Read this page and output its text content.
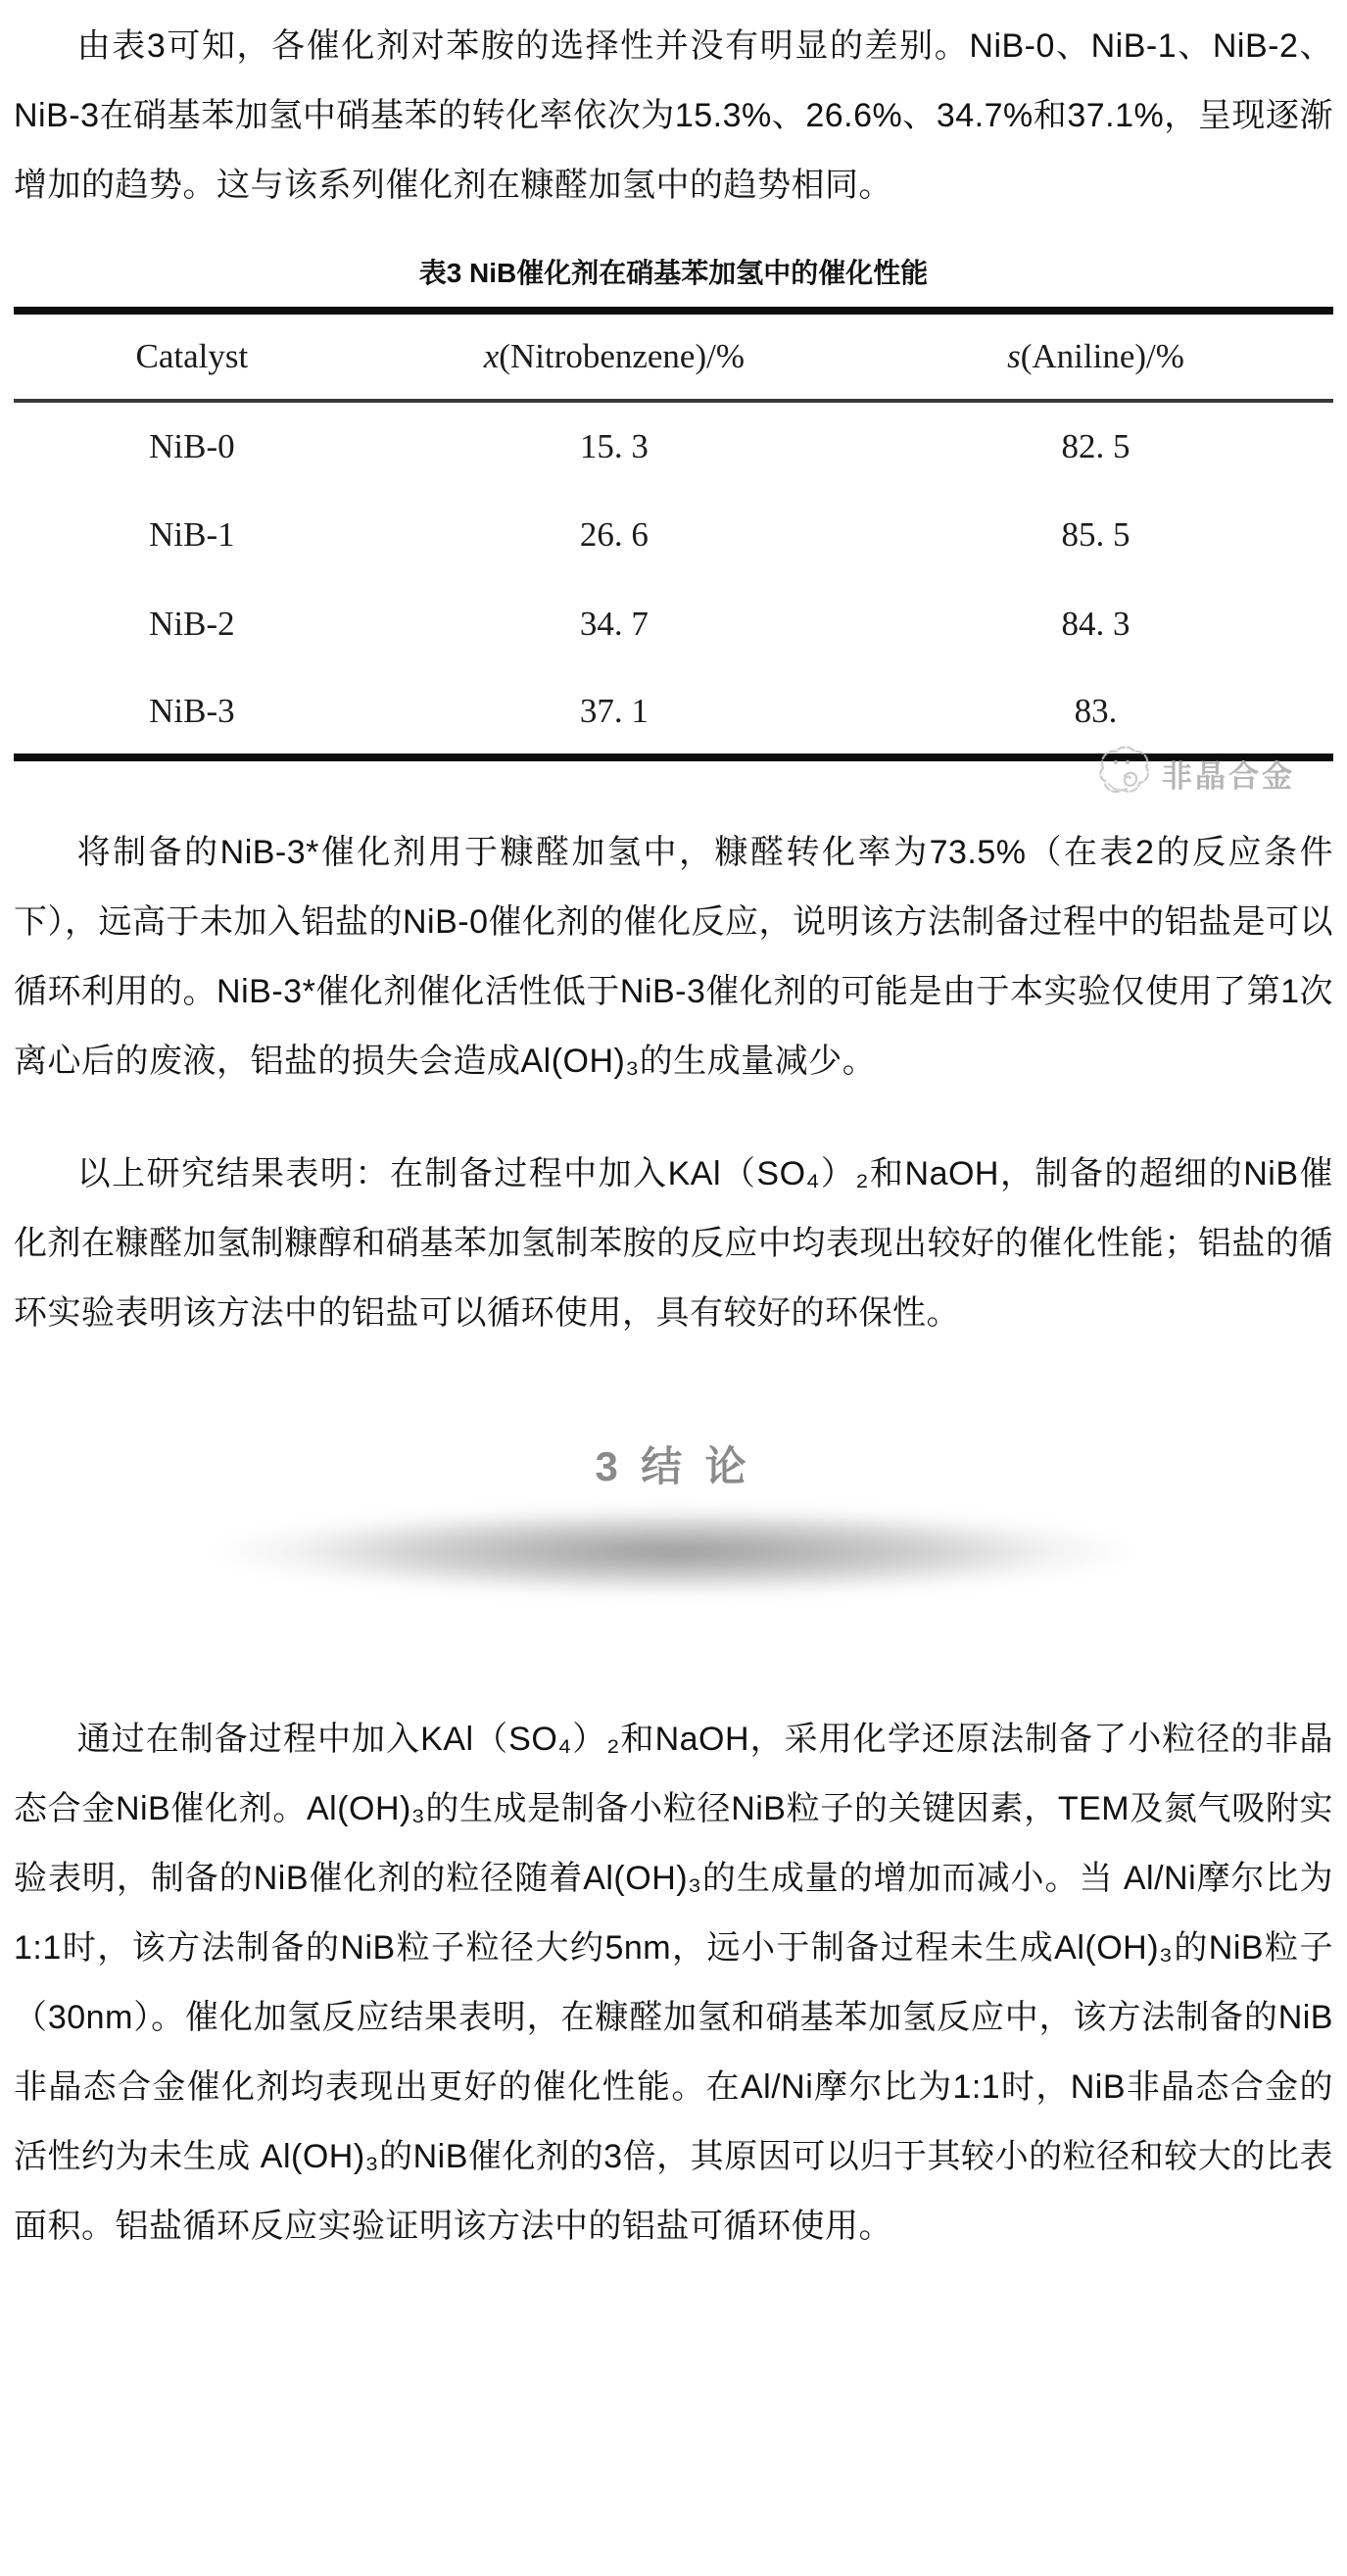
由表3可知，各催化剂对苯胺的选择性并没有明显的差别。NiB-0、NiB-1、NiB-2、NiB-3在硝基苯加氢中硝基苯的转化率依次为15.3%、26.6%、34.7%和37.1%，呈现逐渐增加的趋势。这与该系列催化剂在糠醛加氢中的趋势相同。

表3 NiB催化剂在硝基苯加氢中的催化性能
Catalyst	x(Nitrobenzene)/%	s(Aniline)/%
NiB-0	15. 3	82. 5
NiB-1	26. 6	85. 5
NiB-2	34. 7	84. 3
NiB-3	37. 1	83.
非晶合金

将制备的NiB-3*催化剂用于糠醛加氢中，糠醛转化率为73.5%（在表2的反应条件下），远高于未加入铝盐的NiB-0催化剂的催化反应，说明该方法制备过程中的铝盐是可以循环利用的。NiB-3*催化剂催化活性低于NiB-3催化剂的可能是由于本实验仅使用了第1次离心后的废液，铝盐的损失会造成Al(OH)₃的生成量减少。

以上研究结果表明：在制备过程中加入KAl（SO₄）₂和NaOH，制备的超细的NiB催化剂在糠醛加氢制糠醇和硝基苯加氢制苯胺的反应中均表现出较好的催化性能；铝盐的循环实验表明该方法中的铝盐可以循环使用，具有较好的环保性。

3 结 论

通过在制备过程中加入KAl（SO₄）₂和NaOH，采用化学还原法制备了小粒径的非晶态合金NiB催化剂。Al(OH)₃的生成是制备小粒径NiB粒子的关键因素，TEM及氮气吸附实验表明，制备的NiB催化剂的粒径随着Al(OH)₃的生成量的增加而减小。当 Al/Ni摩尔比为1:1时，该方法制备的NiB粒子粒径大约5nm，远小于制备过程未生成Al(OH)₃的NiB粒子（30nm）。催化加氢反应结果表明，在糠醛加氢和硝基苯加氢反应中，该方法制备的NiB非晶态合金催化剂均表现出更好的催化性能。在Al/Ni摩尔比为1:1时，NiB非晶态合金的活性约为未生成 Al(OH)₃的NiB催化剂的3倍，其原因可以归于其较小的粒径和较大的比表面积。铝盐循环反应实验证明该方法中的铝盐可循环使用。
